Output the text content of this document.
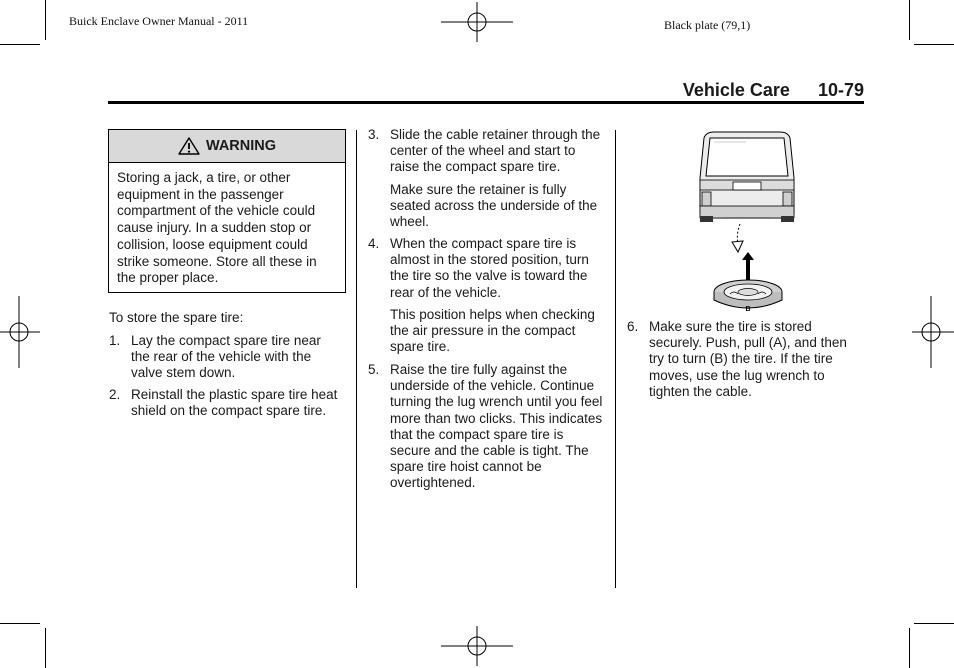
Buick Enclave Owner Manual - 2011	Black plate (79,1)
Vehicle Care 10-79
WARNING
Storing a jack, a tire, or other equipment in the passenger compartment of the vehicle could cause injury. In a sudden stop or collision, loose equipment could strike someone. Store all these in the proper place.
To store the spare tire:
1. Lay the compact spare tire near the rear of the vehicle with the valve stem down.
2. Reinstall the plastic spare tire heat shield on the compact spare tire.
3. Slide the cable retainer through the center of the wheel and start to raise the compact spare tire.
Make sure the retainer is fully seated across the underside of the wheel.
4. When the compact spare tire is almost in the stored position, turn the tire so the valve is toward the rear of the vehicle.
This position helps when checking the air pressure in the compact spare tire.
5. Raise the tire fully against the underside of the vehicle. Continue turning the lug wrench until you feel more than two clicks. This indicates that the compact spare tire is secure and the cable is tight. The spare tire hoist cannot be overtightened.
A
B
6. Make sure the tire is stored securely. Push, pull (A), and then try to turn (B) the tire. If the tire moves, use the lug wrench to tighten the cable.
